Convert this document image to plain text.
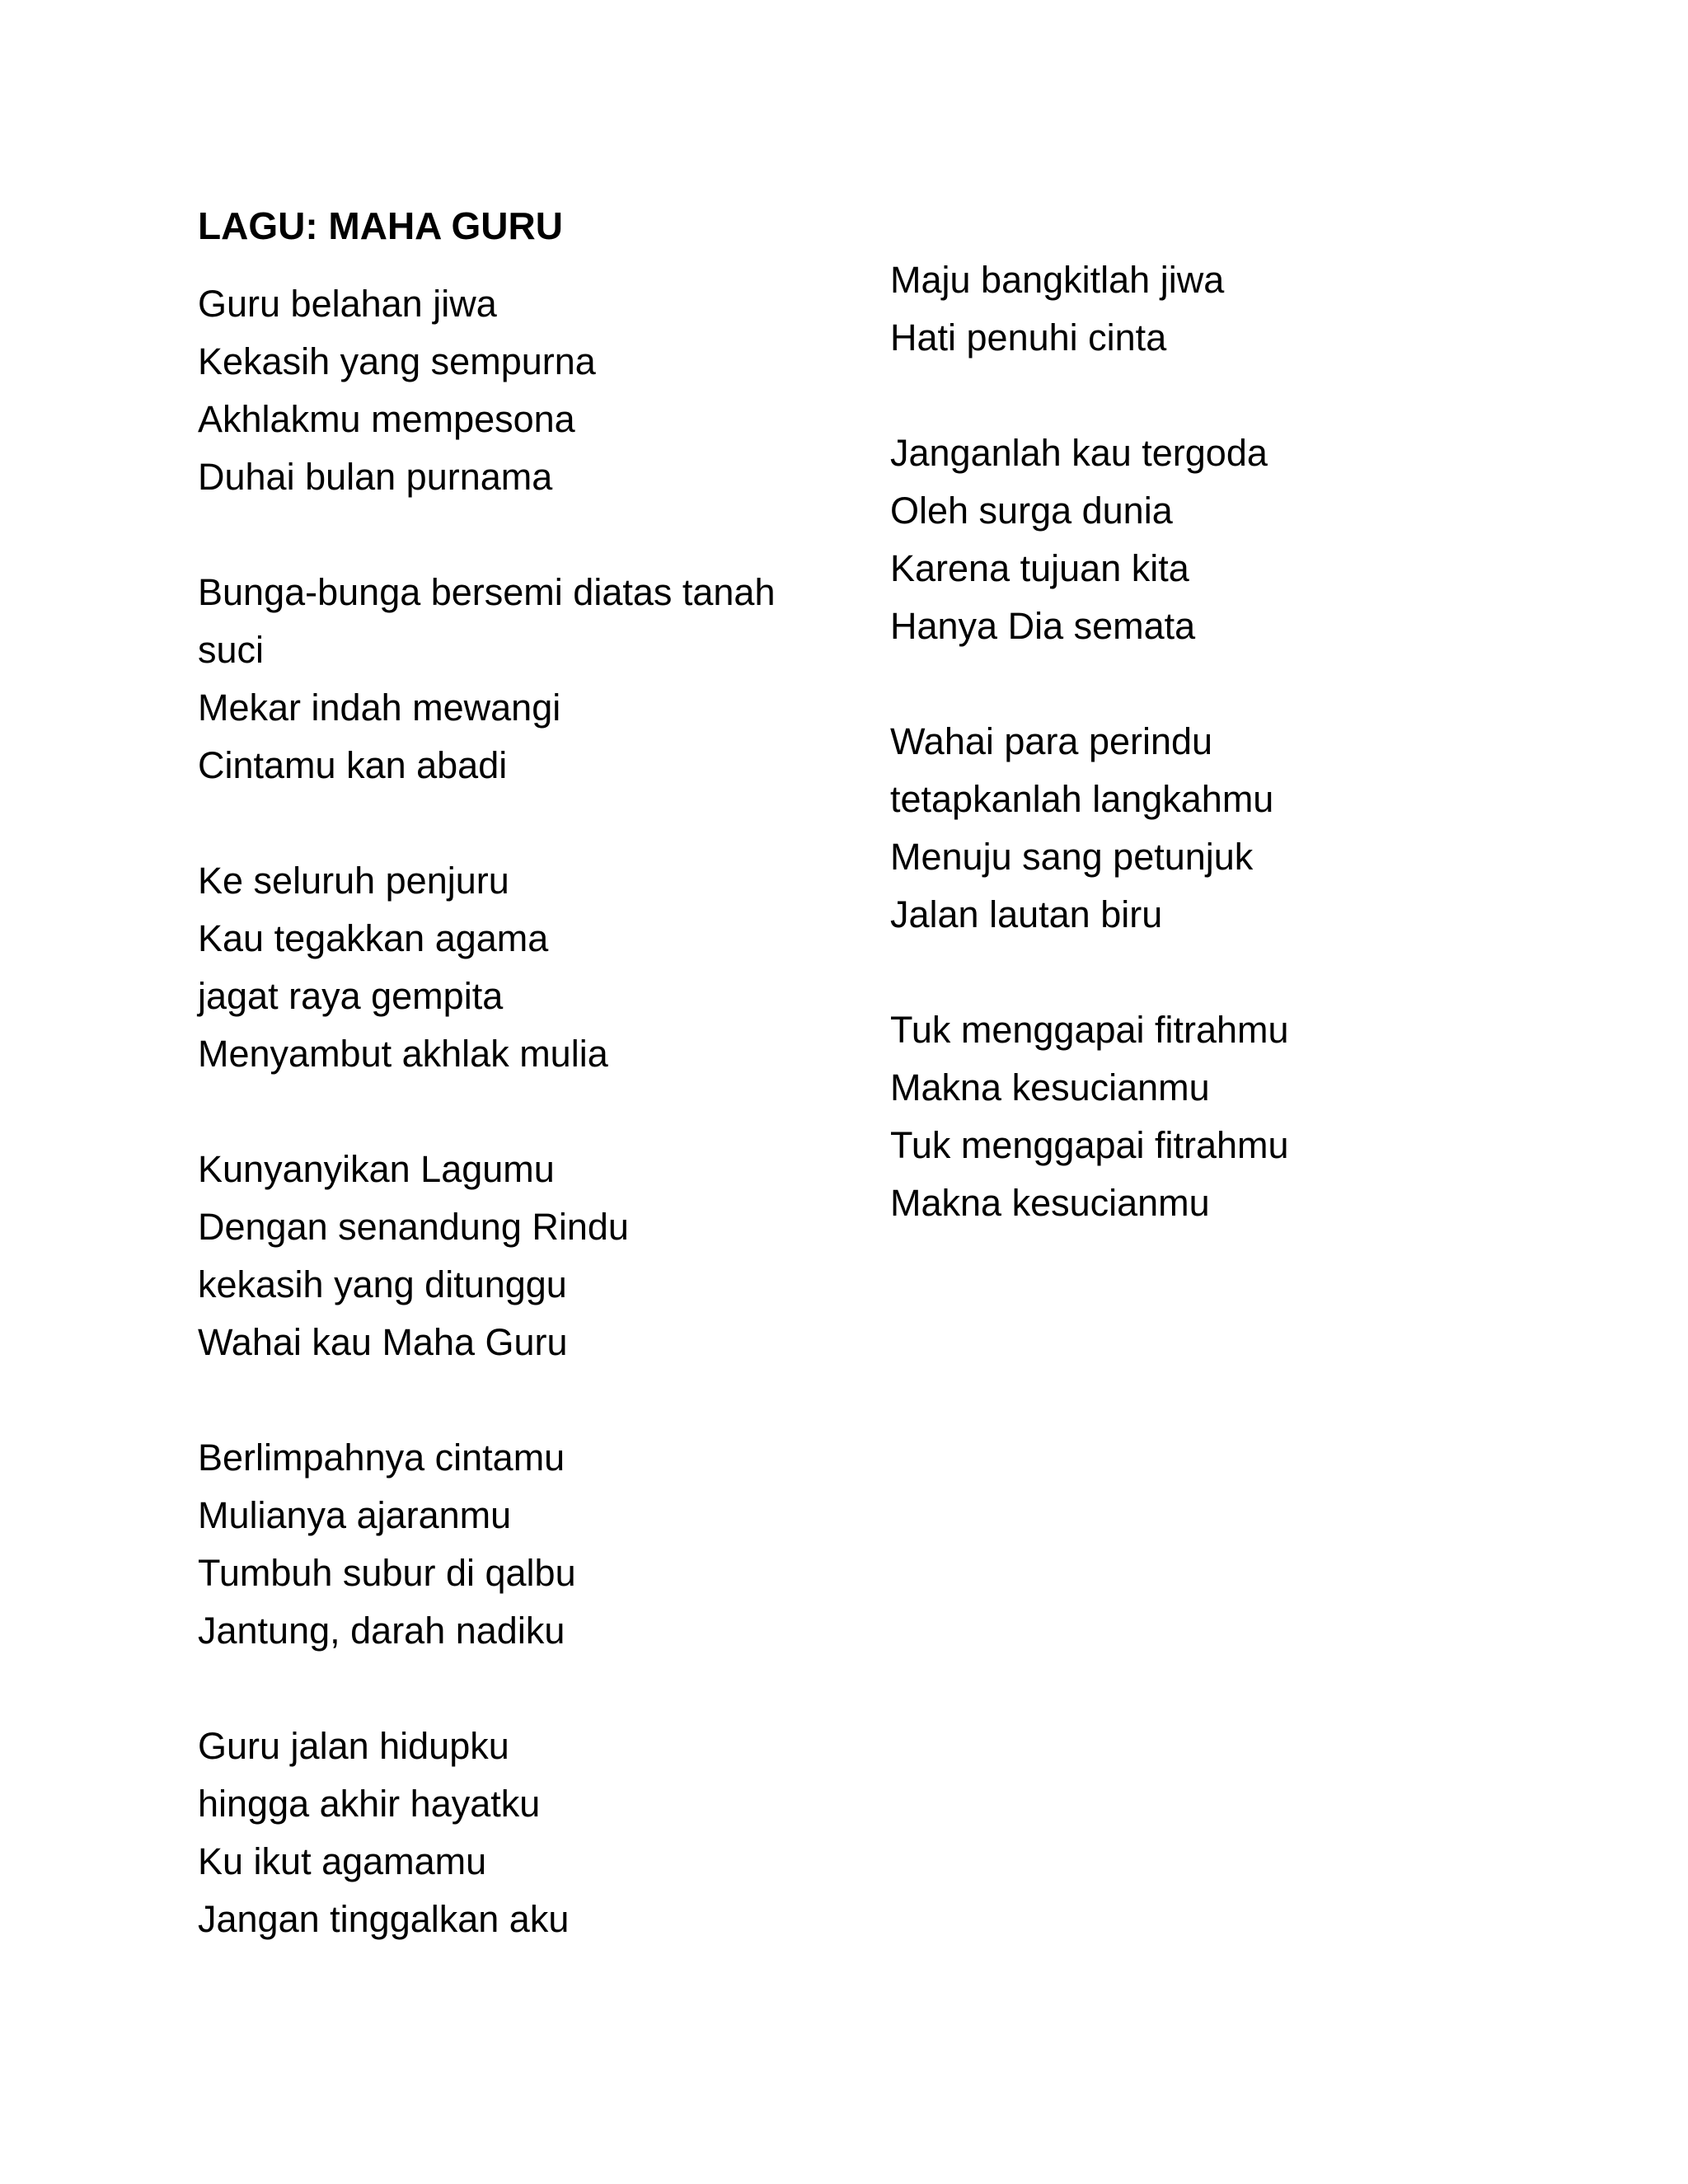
LAGU: MAHA GURU
Guru belahan jiwa
Kekasih yang sempurna
Akhlakmu mempesona
Duhai bulan purnama
Bunga-bunga bersemi diatas tanah
suci
Mekar indah mewangi
Cintamu kan abadi
Ke seluruh penjuru
Kau tegakkan agama
jagat raya gempita
Menyambut akhlak mulia
Kunyanyikan Lagumu
Dengan senandung Rindu
kekasih yang ditunggu
Wahai kau Maha Guru
Berlimpahnya cintamu
Mulianya ajaranmu
Tumbuh subur di qalbu
Jantung, darah nadiku
Guru jalan hidupku
hingga akhir hayatku
Ku ikut agamamu
Jangan tinggalkan aku
Maju bangkitlah jiwa
Hati penuhi cinta
Janganlah kau tergoda
Oleh surga dunia
Karena tujuan kita
Hanya Dia semata
Wahai para perindu
tetapkanlah langkahmu
Menuju sang petunjuk
Jalan lautan biru
Tuk menggapai fitrahmu
Makna kesucianmu
Tuk menggapai fitrahmu
Makna kesucianmu
